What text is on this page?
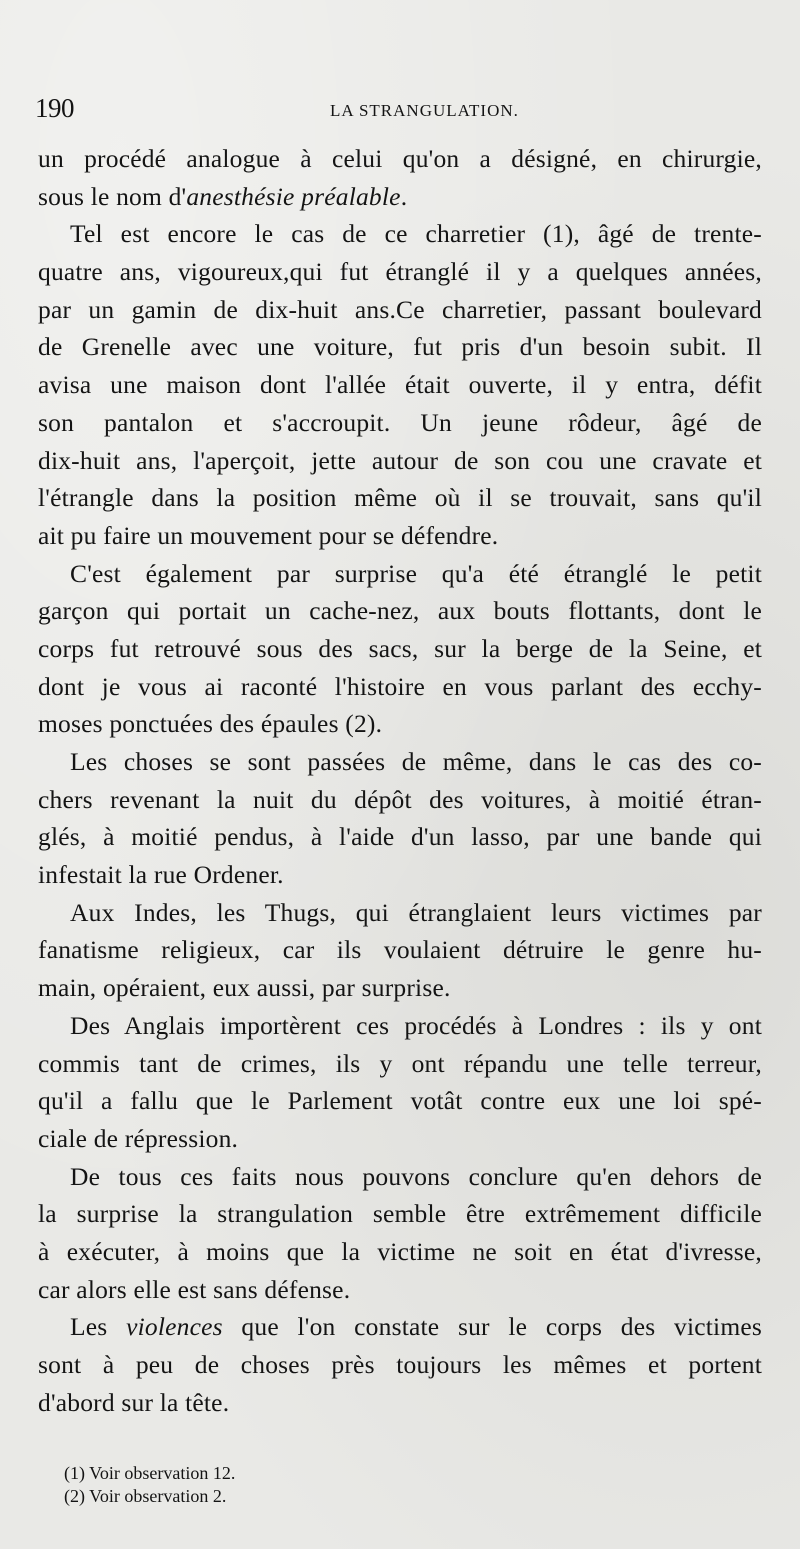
190	LA STRANGULATION.
un procédé analogue à celui qu'on a désigné, en chirurgie,
sous le nom d'anesthésie préalable.
Tel est encore le cas de ce charretier (1), âgé de trente-
quatre ans, vigoureux,qui fut étranglé il y a quelques années,
par un gamin de dix-huit ans.Ce charretier, passant boulevard
de Grenelle avec une voiture, fut pris d'un besoin subit. Il
avisa une maison dont l'allée était ouverte, il y entra, défit
son pantalon et s'accroupit. Un jeune rôdeur, âgé de
dix-huit ans, l'aperçoit, jette autour de son cou une cravate et
l'étrangle dans la position même où il se trouvait, sans qu'il
ait pu faire un mouvement pour se défendre.
C'est également par surprise qu'a été étranglé le petit
garçon qui portait un cache-nez, aux bouts flottants, dont le
corps fut retrouvé sous des sacs, sur la berge de la Seine, et
dont je vous ai raconté l'histoire en vous parlant des ecchy-
moses ponctuées des épaules (2).
Les choses se sont passées de même, dans le cas des co-
chers revenant la nuit du dépôt des voitures, à moitié étran-
glés, à moitié pendus, à l'aide d'un lasso, par une bande qui
infestait la rue Ordener.
Aux Indes, les Thugs, qui étranglaient leurs victimes par
fanatisme religieux, car ils voulaient détruire le genre hu-
main, opéraient, eux aussi, par surprise.
Des Anglais importèrent ces procédés à Londres : ils y ont
commis tant de crimes, ils y ont répandu une telle terreur,
qu'il a fallu que le Parlement votât contre eux une loi spé-
ciale de répression.
De tous ces faits nous pouvons conclure qu'en dehors de
la surprise la strangulation semble être extrêmement difficile
à exécuter, à moins que la victime ne soit en état d'ivresse,
car alors elle est sans défense.
Les violences que l'on constate sur le corps des victimes
sont à peu de choses près toujours les mêmes et portent
d'abord sur la tête.
(1) Voir observation 12.
(2) Voir observation 2.
